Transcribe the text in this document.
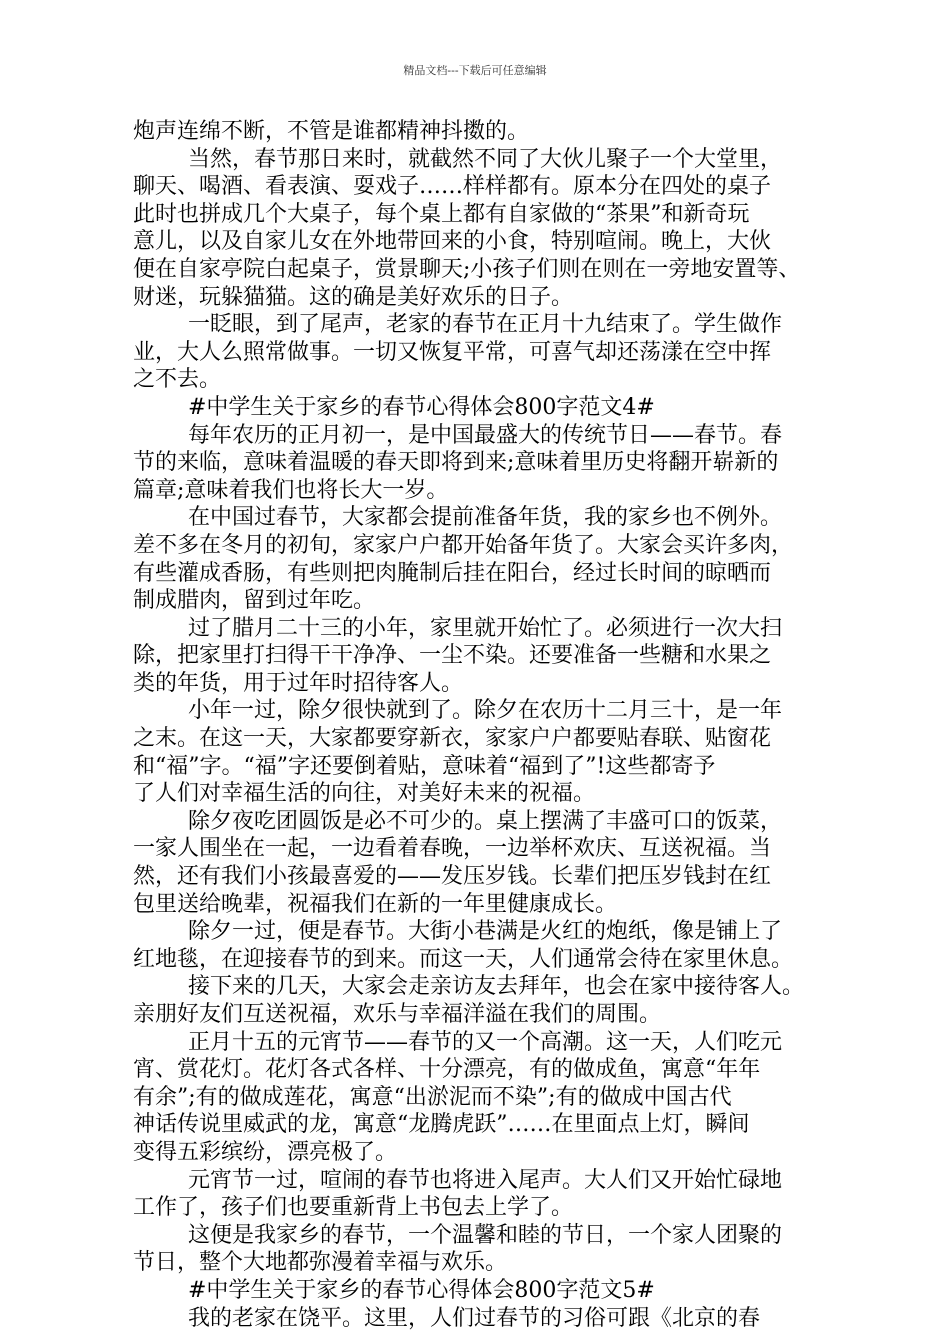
精品文档---下载后可任意编辑
炮声连绵不断，不管是谁都精神抖擞的。
当然，春节那日来时，就截然不同了大伙儿聚子一个大堂里，
聊天、喝酒、看表演、耍戏子……样样都有。原本分在四处的桌子
此时也拼成几个大桌子，每个桌上都有自家做的“茶果”和新奇玩
意儿，以及自家儿女在外地带回来的小食，特别喧闹。晚上，大伙
便在自家亭院白起桌子，赏景聊天;小孩子们则在则在一旁地安置等、
财迷，玩躲猫猫。这的确是美好欢乐的日子。
一眨眼，到了尾声，老家的春节在正月十九结束了。学生做作
业，大人么照常做事。一切又恢复平常，可喜气却还荡漾在空中挥
之不去。
#中学生关于家乡的春节心得体会800字范文4#
每年农历的正月初一，是中国最盛大的传统节日——春节。春
节的来临，意味着温暖的春天即将到来;意味着里历史将翻开崭新的
篇章;意味着我们也将长大一岁。
在中国过春节，大家都会提前准备年货，我的家乡也不例外。
差不多在冬月的初旬，家家户户都开始备年货了。大家会买许多肉，
有些灌成香肠，有些则把肉腌制后挂在阳台，经过长时间的晾晒而
制成腊肉，留到过年吃。
过了腊月二十三的小年，家里就开始忙了。必须进行一次大扫
除，把家里打扫得干干净净、一尘不染。还要准备一些糖和水果之
类的年货，用于过年时招待客人。
小年一过，除夕很快就到了。除夕在农历十二月三十，是一年
之末。在这一天，大家都要穿新衣，家家户户都要贴春联、贴窗花
和“福”字。“福”字还要倒着贴，意味着“福到了”!这些都寄予
了人们对幸福生活的向往，对美好未来的祝福。
除夕夜吃团圆饭是必不可少的。桌上摆满了丰盛可口的饭菜，
一家人围坐在一起，一边看着春晚，一边举杯欢庆、互送祝福。当
然，还有我们小孩最喜爱的——发压岁钱。长辈们把压岁钱封在红
包里送给晚辈，祝福我们在新的一年里健康成长。
除夕一过，便是春节。大街小巷满是火红的炮纸，像是铺上了
红地毯，在迎接春节的到来。而这一天，人们通常会待在家里休息。
接下来的几天，大家会走亲访友去拜年，也会在家中接待客人。
亲朋好友们互送祝福，欢乐与幸福洋溢在我们的周围。
正月十五的元宵节——春节的又一个高潮。这一天，人们吃元
宵、赏花灯。花灯各式各样、十分漂亮，有的做成鱼，寓意“年年
有余”;有的做成莲花，寓意“出淤泥而不染”;有的做成中国古代
神话传说里威武的龙，寓意“龙腾虎跃”……在里面点上灯，瞬间
变得五彩缤纷，漂亮极了。
元宵节一过，喧闹的春节也将进入尾声。大人们又开始忙碌地
工作了，孩子们也要重新背上书包去上学了。
这便是我家乡的春节，一个温馨和睦的节日，一个家人团聚的
节日，整个大地都弥漫着幸福与欢乐。
#中学生关于家乡的春节心得体会800字范文5#
我的老家在饶平。这里，人们过春节的习俗可跟《北京的春
